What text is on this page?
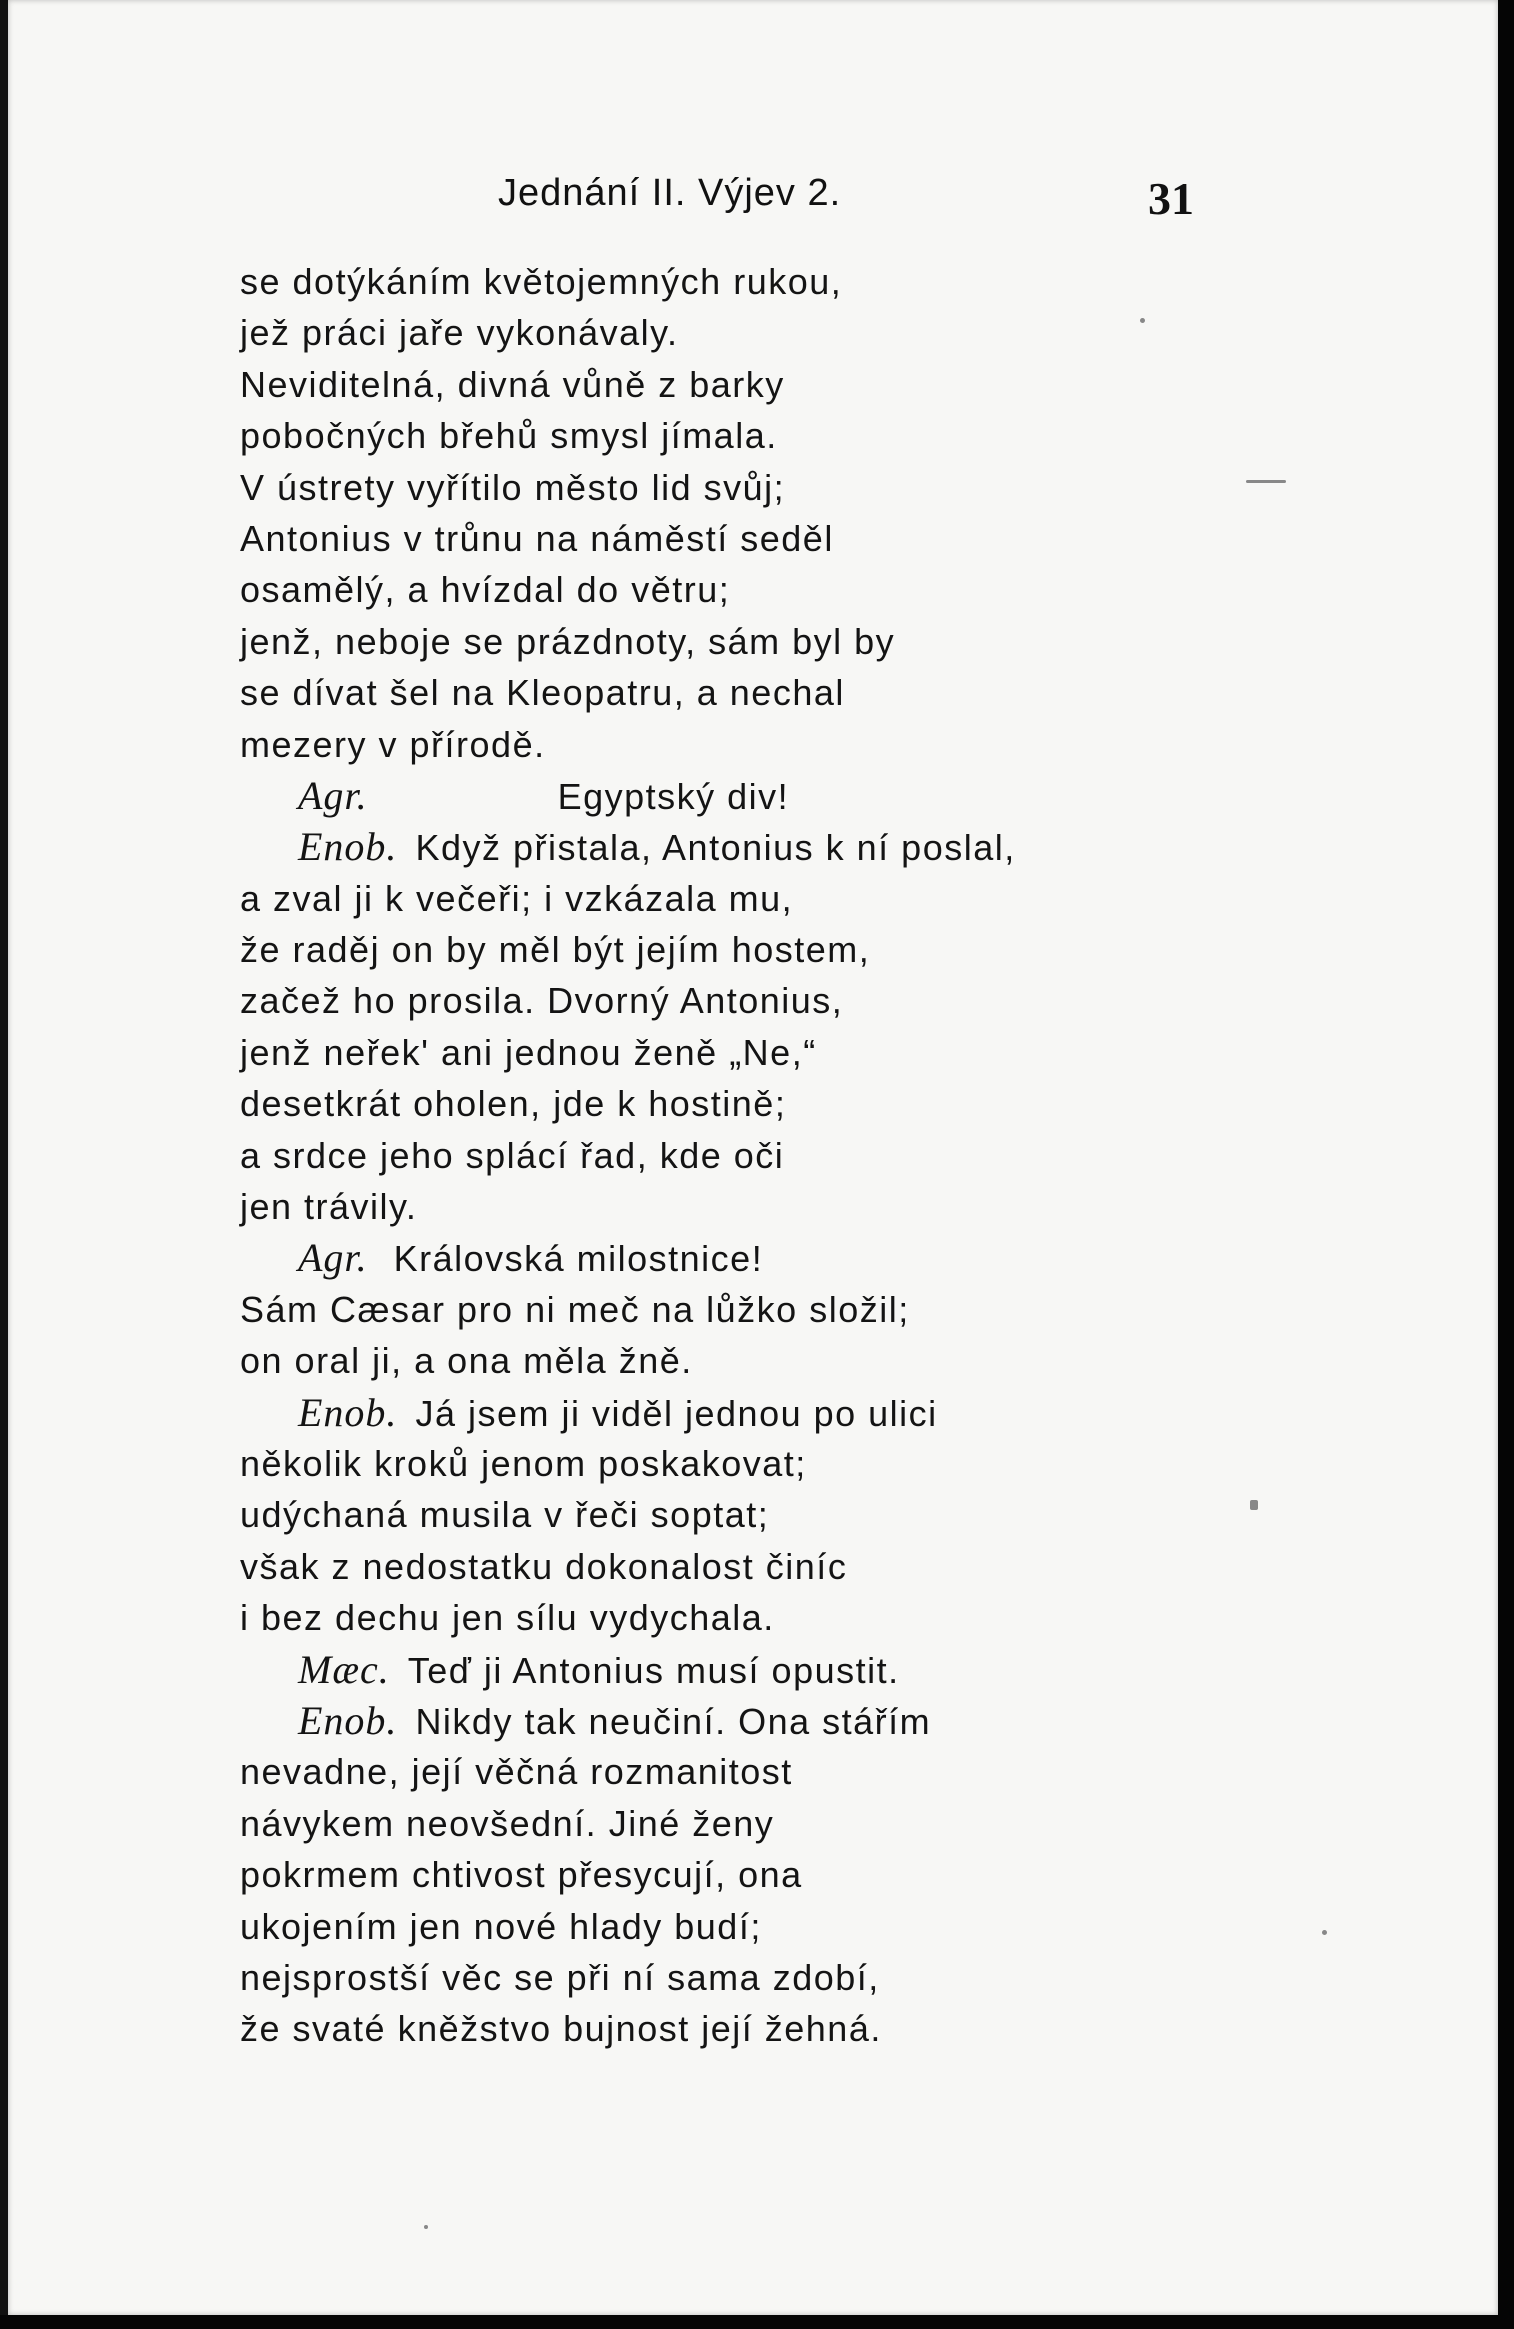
Jednání II. Výjev 2.	31
se dotýkáním květojemných rukou,
jež práci jaře vykonávaly.
Neviditelná, divná vůně z barky
pobočných břehů smysl jímala.
V ústrety vyřítilo město lid svůj;
Antonius v trůnu na náměstí seděl
osamělý, a hvízdal do větru;
jenž, neboje se prázdnoty, sám byl by
se dívat šel na Kleopatru, a nechal
mezery v přírodě.
Agr.	Egyptský div!
Enob. Když přistala, Antonius k ní poslal,
a zval ji k večeři; i vzkázala mu,
že raděj on by měl být jejím hostem,
začež ho prosila. Dvorný Antonius,
jenž neřek' ani jednou ženě „Ne,“
desetkrát oholen, jde k hostině;
a srdce jeho splácí řad, kde oči
jen trávily.
Agr. Královská milostnice!
Sám Cæsar pro ni meč na lůžko složil;
on oral ji, a ona měla žně.
Enob. Já jsem ji viděl jednou po ulici
několik kroků jenom poskakovat;
udýchaná musila v řeči soptat;
však z nedostatku dokonalost činíc
i bez dechu jen sílu vydychala.
Mæc. Teď ji Antonius musí opustit.
Enob. Nikdy tak neučiní. Ona stářím
nevadne, její věčná rozmanitost
návykem neovšední. Jiné ženy
pokrmem chtivost přesycují, ona
ukojením jen nové hlady budí;
nejsprostší věc se při ní sama zdobí,
že svaté kněžstvo bujnost její žehná.
